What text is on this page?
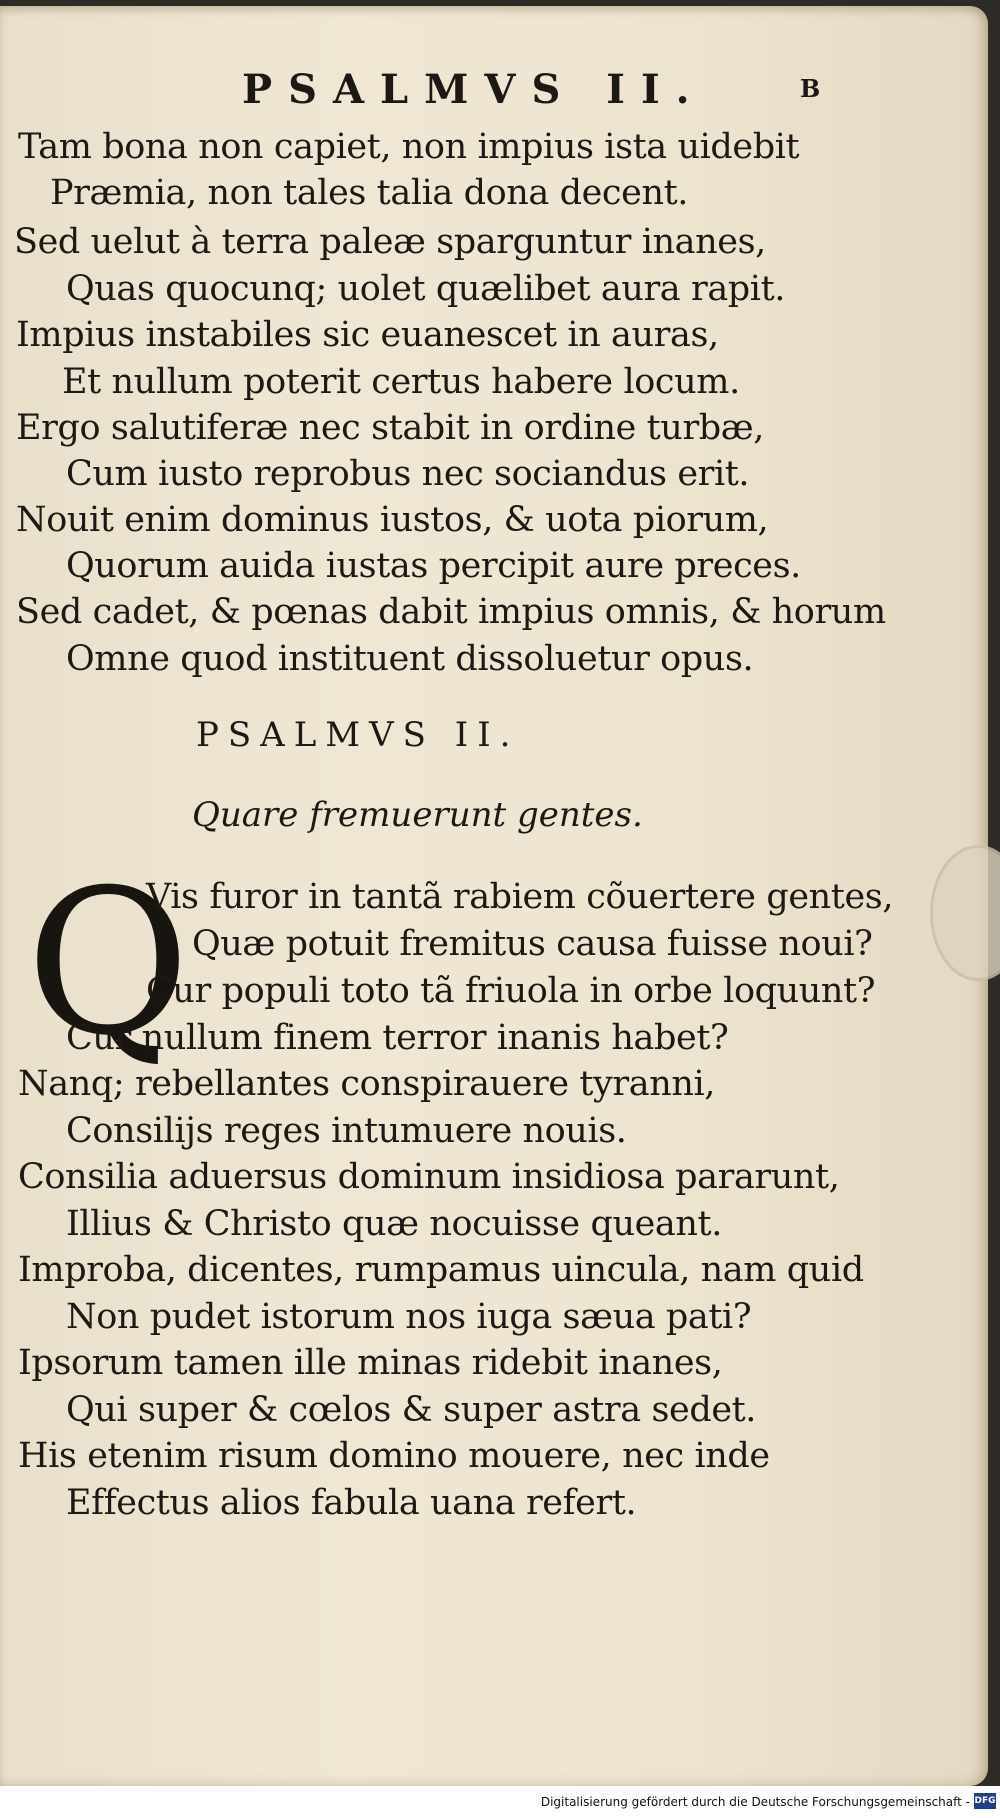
PSALMVS II.	B
Tam bona non capiet, non impius ista uidebit
Præmia, non tales talia dona decent.
Sed uelut à terra paleæ sparguntur inanes,
Quas quocunq; uolet quælibet aura rapit.
Impius instabiles sic euanescet in auras,
Et nullum poterit certus habere locum.
Ergo salutiferæ nec stabit in ordine turbæ,
Cum iusto reprobus nec sociandus erit.
Nouit enim dominus iustos, & uota piorum,
Quorum auida iustas percipit aure preces.
Sed cadet, & pœnas dabit impius omnis, & horum
Omne quod instituent dissoluetur opus.
PSALMVS II.
Quare fremuerunt gentes.
Q
Vis furor in tantã rabiem cõuertere gentes,
Quæ potuit fremitus causa fuisse noui?
Cur populi toto tã friuola in orbe loquunt?
Cur nullum finem terror inanis habet?
Nanq; rebellantes conspirauere tyranni,
Consilijs reges intumuere nouis.
Consilia aduersus dominum insidiosa pararunt,
Illius & Christo quæ nocuisse queant.
Improba, dicentes, rumpamus uincula, nam quid
Non pudet istorum nos iuga sæua pati?
Ipsorum tamen ille minas ridebit inanes,
Qui super & cœlos & super astra sedet.
His etenim risum domino mouere, nec inde
Effectus alios fabula uana refert.
Digitalisierung gefördert durch die Deutsche Forschungsgemeinschaft - DFG
